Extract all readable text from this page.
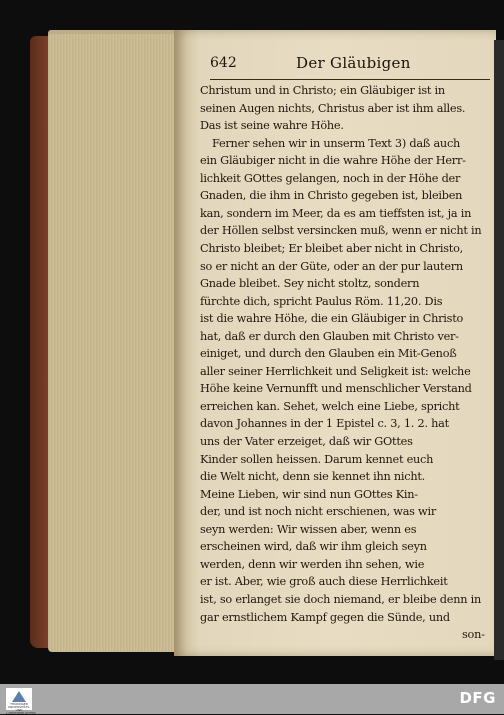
642	Der Gläubigen
Christum und in Christo; ein Gläubiger ist in
seinen Augen nichts, Christus aber ist ihm alles.
Das ist seine wahre Höhe.
Ferner sehen wir in unserm Text 3) daß auch
ein Gläubiger nicht in die wahre Höhe der Herr-
lichkeit GOttes gelangen, noch in der Höhe der
Gnaden, die ihm in Christo gegeben ist, bleiben
kan, sondern im Meer, da es am tieffsten ist, ja in
der Höllen selbst versincken muß, wenn er nicht in
Christo bleibet; Er bleibet aber nicht in Christo,
so er nicht an der Güte, oder an der pur lautern
Gnade bleibet. Sey nicht stoltz, sondern
fürchte dich, spricht Paulus Röm. 11,20. Dis
ist die wahre Höhe, die ein Gläubiger in Christo
hat, daß er durch den Glauben mit Christo ver-
einiget, und durch den Glauben ein Mit-Genoß
aller seiner Herrlichkeit und Seligkeit ist: welche
Höhe keine Vernunfft und menschlicher Verstand
erreichen kan. Sehet, welch eine Liebe, spricht
davon Johannes in der 1 Epistel c. 3, 1. 2. hat
uns der Vater erzeiget, daß wir GOttes
Kinder sollen heissen. Darum kennet euch
die Welt nicht, denn sie kennet ihn nicht.
Meine Lieben, wir sind nun GOttes Kin-
der, und ist noch nicht erschienen, was wir
seyn werden: Wir wissen aber, wenn es
erscheinen wird, daß wir ihm gleich seyn
werden, denn wir werden ihn sehen, wie
er ist. Aber, wie groß auch diese Herrlichkeit
ist, so erlanget sie doch niemand, er bleibe denn in
gar ernstlichem Kampf gegen die Sünde, und
son-
THÜRINGER UNIVERSITÄTS- UND LANDESBIBLIOTHEK
DFG
